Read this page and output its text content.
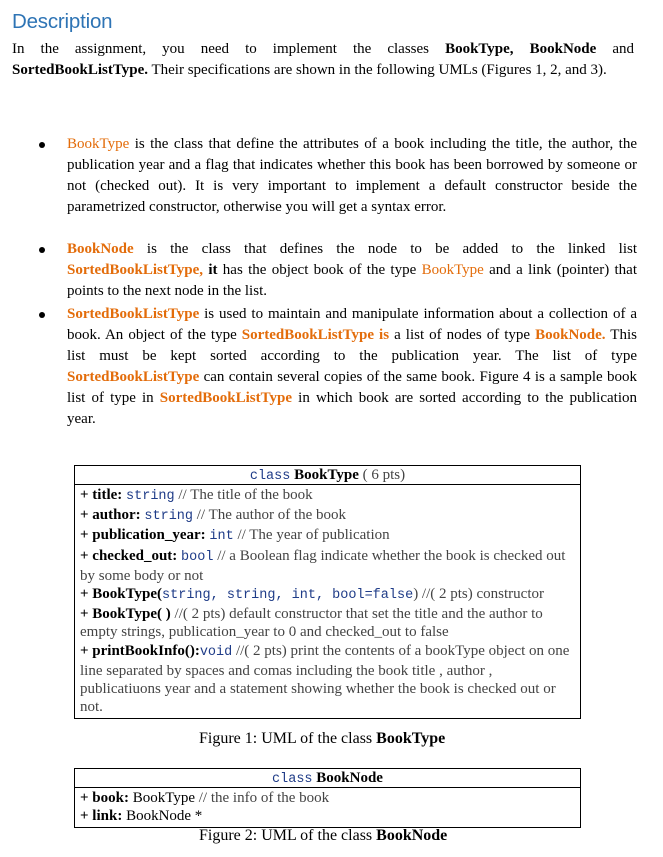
Description

In the assignment, you need to implement the classes BookType, BookNode and SortedBookListType. Their specifications are shown in the following UMLs (Figures 1, 2, and 3).

BookType is the class that define the attributes of a book including the title, the author, the publication year and a flag that indicates whether this book has been borrowed by someone or not (checked out). It is very important to implement a default constructor beside the parametrized constructor, otherwise you will get a syntax error.

BookNode is the class that defines the node to be added to the linked list SortedBookListType, it has the object book of the type BookType and a link (pointer) that points to the next node in the list.

SortedBookListType is used to maintain and manipulate information about a collection of a book. An object of the type SortedBookListType is a list of nodes of type BookNode. This list must be kept sorted according to the publication year. The list of type SortedBookListType can contain several copies of the same book. Figure 4 is a sample book list of type in SortedBookListType in which book are sorted according to the publication year.

class BookType ( 6 pts)
+ title: string // The title of the book
+ author: string // The author of the book
+ publication_year: int // The year of publication
+ checked_out: bool // a Boolean flag indicate whether the book is checked out by some body or not
+ BookType(string, string, int, bool=false) //( 2 pts) constructor
+ BookType( ) //( 2 pts) default constructor that set the title and the author to empty strings, publication_year to 0 and checked_out to false
+ printBookInfo():void //( 2 pts) print the contents of a bookType object on one line separated by spaces and comas including the book title , author , publicatiuons year and a statement showing whether the book is checked out or not.

Figure 1: UML of the class BookType

class BookNode
+ book: BookType // the info of the book
+ link: BookNode *

Figure 2: UML of the class BookNode
